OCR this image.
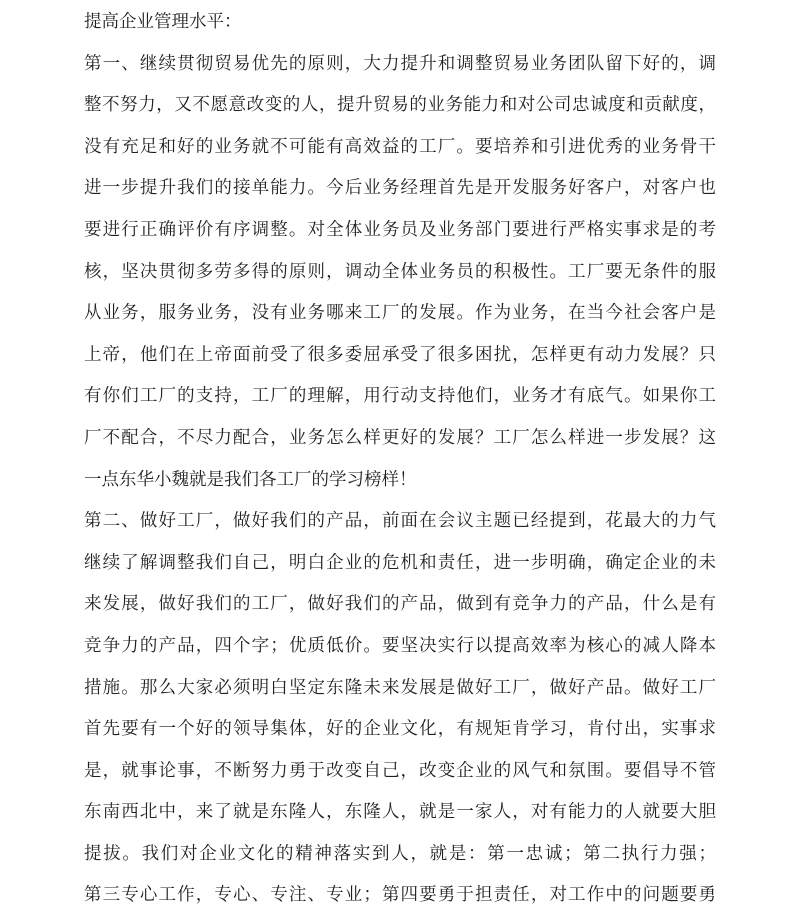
提高企业管理水平：
第一、继续贯彻贸易优先的原则，大力提升和调整贸易业务团队留下好的，调
整不努力，又不愿意改变的人，提升贸易的业务能力和对公司忠诚度和贡献度，
没有充足和好的业务就不可能有高效益的工厂。要培养和引进优秀的业务骨干
进一步提升我们的接单能力。今后业务经理首先是开发服务好客户，对客户也
要进行正确评价有序调整。对全体业务员及业务部门要进行严格实事求是的考
核，坚决贯彻多劳多得的原则，调动全体业务员的积极性。工厂要无条件的服
从业务，服务业务，没有业务哪来工厂的发展。作为业务，在当今社会客户是
上帝，他们在上帝面前受了很多委屈承受了很多困扰，怎样更有动力发展？只
有你们工厂的支持，工厂的理解，用行动支持他们，业务才有底气。如果你工
厂不配合，不尽力配合，业务怎么样更好的发展？工厂怎么样进一步发展？这
一点东华小魏就是我们各工厂的学习榜样！
第二、做好工厂，做好我们的产品，前面在会议主题已经提到，花最大的力气
继续了解调整我们自己，明白企业的危机和责任，进一步明确，确定企业的未
来发展，做好我们的工厂，做好我们的产品，做到有竞争力的产品，什么是有
竞争力的产品，四个字；优质低价。要坚决实行以提高效率为核心的减人降本
措施。那么大家必须明白坚定东隆未来发展是做好工厂，做好产品。做好工厂
首先要有一个好的领导集体，好的企业文化，有规矩肯学习，肯付出，实事求
是，就事论事，不断努力勇于改变自己，改变企业的风气和氛围。要倡导不管
东南西北中，来了就是东隆人，东隆人，就是一家人，对有能力的人就要大胆
提拔。我们对企业文化的精神落实到人，就是：第一忠诚；第二执行力强；
第三专心工作，专心、专注、专业；第四要勇于担责任，对工作中的问题要勇
